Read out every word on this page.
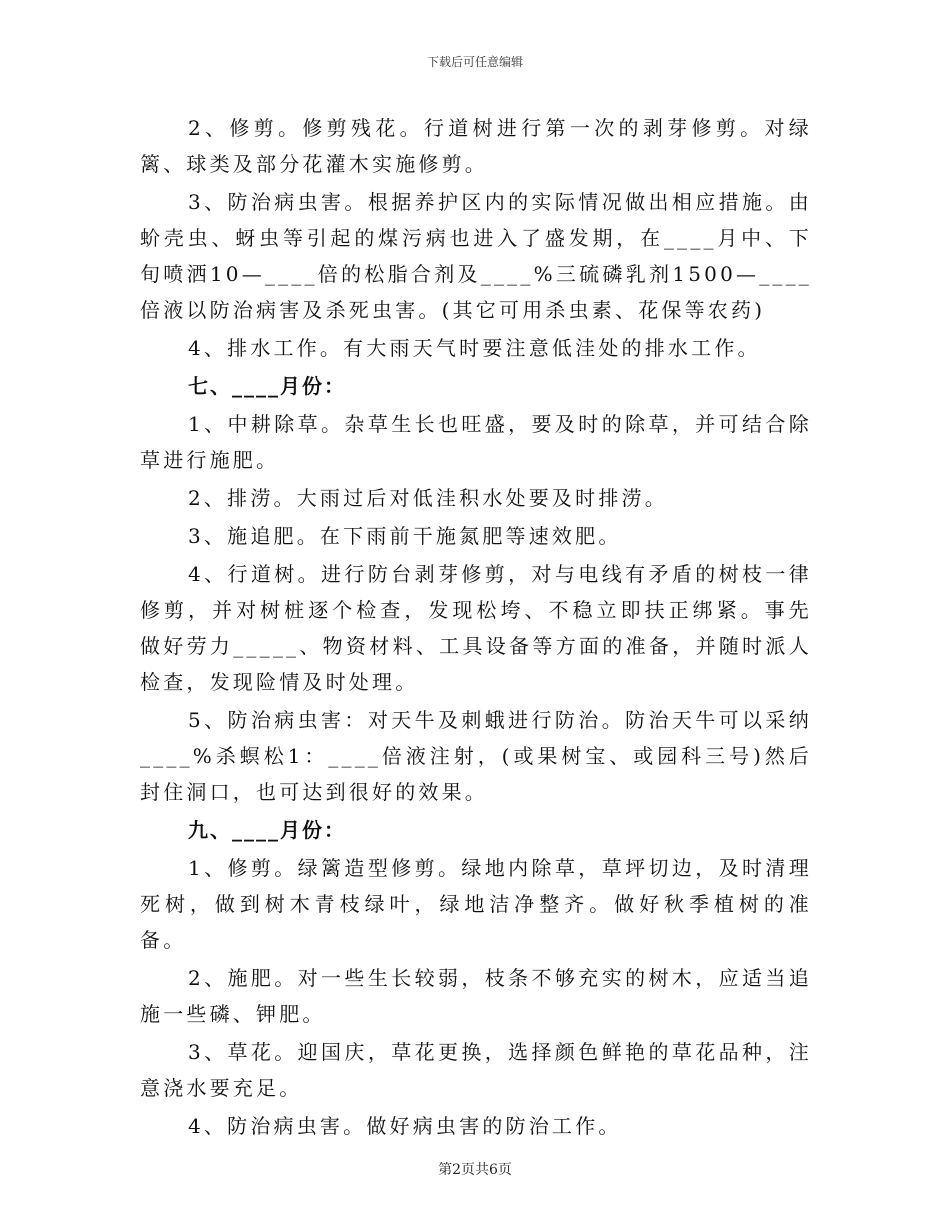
下载后可任意编辑

2、修剪。修剪残花。行道树进行第一次的剥芽修剪。对绿篱、球类及部分花灌木实施修剪。

3、防治病虫害。根据养护区内的实际情况做出相应措施。由蚧壳虫、蚜虫等引起的煤污病也进入了盛发期，在____月中、下旬喷洒10—____倍的松脂合剂及____%三硫磷乳剂1500—____倍液以防治病害及杀死虫害。(其它可用杀虫素、花保等农药)

4、排水工作。有大雨天气时要注意低洼处的排水工作。

七、____月份：

1、中耕除草。杂草生长也旺盛，要及时的除草，并可结合除草进行施肥。

2、排涝。大雨过后对低洼积水处要及时排涝。

3、施追肥。在下雨前干施氮肥等速效肥。

4、行道树。进行防台剥芽修剪，对与电线有矛盾的树枝一律修剪，并对树桩逐个检查，发现松垮、不稳立即扶正绑紧。事先做好劳力_____、物资材料、工具设备等方面的准备，并随时派人检查，发现险情及时处理。

5、防治病虫害：对天牛及刺蛾进行防治。防治天牛可以采纳____%杀螟松1：____倍液注射，(或果树宝、或园科三号)然后封住洞口，也可达到很好的效果。

九、____月份：

1、修剪。绿篱造型修剪。绿地内除草，草坪切边，及时清理死树，做到树木青枝绿叶，绿地洁净整齐。做好秋季植树的准备。

2、施肥。对一些生长较弱，枝条不够充实的树木，应适当追施一些磷、钾肥。

3、草花。迎国庆，草花更换，选择颜色鲜艳的草花品种，注意浇水要充足。

4、防治病虫害。做好病虫害的防治工作。

第2页共6页
